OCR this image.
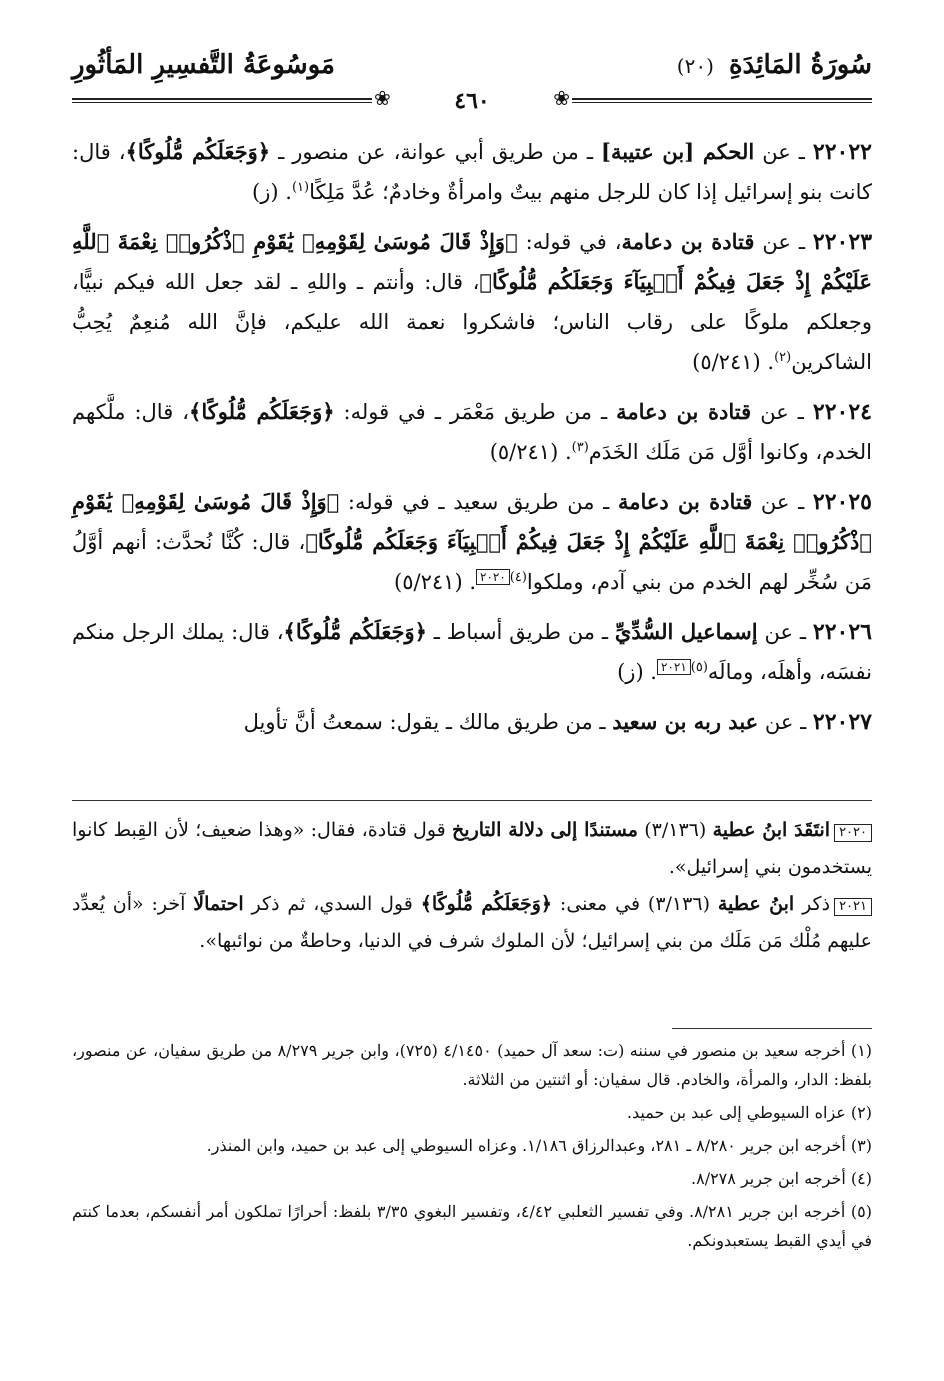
سُورَةُ المَائِدَةِ (٢٠)
مَوسُوعَةُ التَّفسِيرِ المَأثُورِ
❀
٤٦٠
❀

٢٢٠٢٢ ـ عن الحكم [بن عتيبة] ـ من طريق أبي عوانة، عن منصور ـ ﴿وَجَعَلَكُم مُّلُوكًا﴾، قال: كانت بنو إسرائيل إذا كان للرجل منهم بيتٌ وامرأةٌ وخادمٌ؛ عُدَّ مَلِكًا$^{(١)}$. (ز)

٢٢٠٢٣ ـ عن قتادة بن دعامة، في قوله: ﴿وَإِذْ قَالَ مُوسَىٰ لِقَوْمِهِۦ يَٰقَوْمِ ٱذْكُرُوا۟ نِعْمَةَ ٱللَّهِ عَلَيْكُمْ إِذْ جَعَلَ فِيكُمْ أَنۢبِيَآءَ وَجَعَلَكُم مُّلُوكًا﴾، قال: وأنتم ـ واللهِ ـ لقد جعل الله فيكم نبيًّا، وجعلكم ملوكًا على رقاب الناس؛ فاشكروا نعمة الله عليكم، فإنَّ الله مُنعِمٌ يُحِبُّ الشاكرين$^{(٢)}$. (٥/٢٤١)

٢٢٠٢٤ ـ عن قتادة بن دعامة ـ من طريق مَعْمَر ـ في قوله: ﴿وَجَعَلَكُم مُّلُوكًا﴾، قال: ملَّكهم الخدم، وكانوا أوَّل مَن مَلَك الخَدَم$^{(٣)}$. (٥/٢٤١)

٢٢٠٢٥ ـ عن قتادة بن دعامة ـ من طريق سعيد ـ في قوله: ﴿وَإِذْ قَالَ مُوسَىٰ لِقَوْمِهِۦ يَٰقَوْمِ ٱذْكُرُوا۟ نِعْمَةَ ٱللَّهِ عَلَيْكُمْ إِذْ جَعَلَ فِيكُمْ أَنۢبِيَآءَ وَجَعَلَكُم مُّلُوكًا﴾، قال: كُنَّا نُحدَّث: أنهم أوَّلُ مَن سُخِّر لهم الخدم من بني آدم، وملكوا$^{(٤)}$٢٠٢٠. (٥/٢٤١)

٢٢٠٢٦ ـ عن إسماعيل السُّدِّيِّ ـ من طريق أسباط ـ ﴿وَجَعَلَكُم مُّلُوكًا﴾، قال: يملك الرجل منكم نفسَه، وأهلَه، ومالَه$^{(٥)}$٢٠٢١. (ز)

٢٢٠٢٧ ـ عن عبد ربه بن سعيد ـ من طريق مالك ـ يقول: سمعتُ أنَّ تأويل

٢٠٢٠انتَقَدَ ابنُ عطية (٣/١٣٦) مستندًا إلى دلالة التاريخ قول قتادة، فقال: «وهذا ضعيف؛ لأن القِبط كانوا يستخدمون بني إسرائيل».

٢٠٢١ذكر ابنُ عطية (٣/١٣٦) في معنى: ﴿وَجَعَلَكُم مُّلُوكًا﴾ قول السدي، ثم ذكر احتمالًا آخر: «أن يُعدِّد عليهم مُلْك مَن مَلَك من بني إسرائيل؛ لأن الملوك شرف في الدنيا، وحاطةٌ من نوائبها».

(١) أخرجه سعيد بن منصور في سننه (ت: سعد آل حميد) ٤/١٤٥٠ (٧٢٥)، وابن جرير ٨/٢٧٩ من طريق سفيان، عن منصور، بلفظ: الدار، والمرأة، والخادم. قال سفيان: أو اثنتين من الثلاثة.

(٢) عزاه السيوطي إلى عبد بن حميد.

(٣) أخرجه ابن جرير ٨/٢٨٠ ـ ٢٨١، وعبدالرزاق ١/١٨٦. وعزاه السيوطي إلى عبد بن حميد، وابن المنذر.

(٤) أخرجه ابن جرير ٨/٢٧٨.

(٥) أخرجه ابن جرير ٨/٢٨١. وفي تفسير الثعلبي ٤/٤٢، وتفسير البغوي ٣/٣٥ بلفظ: أحرارًا تملكون أمر أنفسكم، بعدما كنتم في أيدي القبط يستعبدونكم.
